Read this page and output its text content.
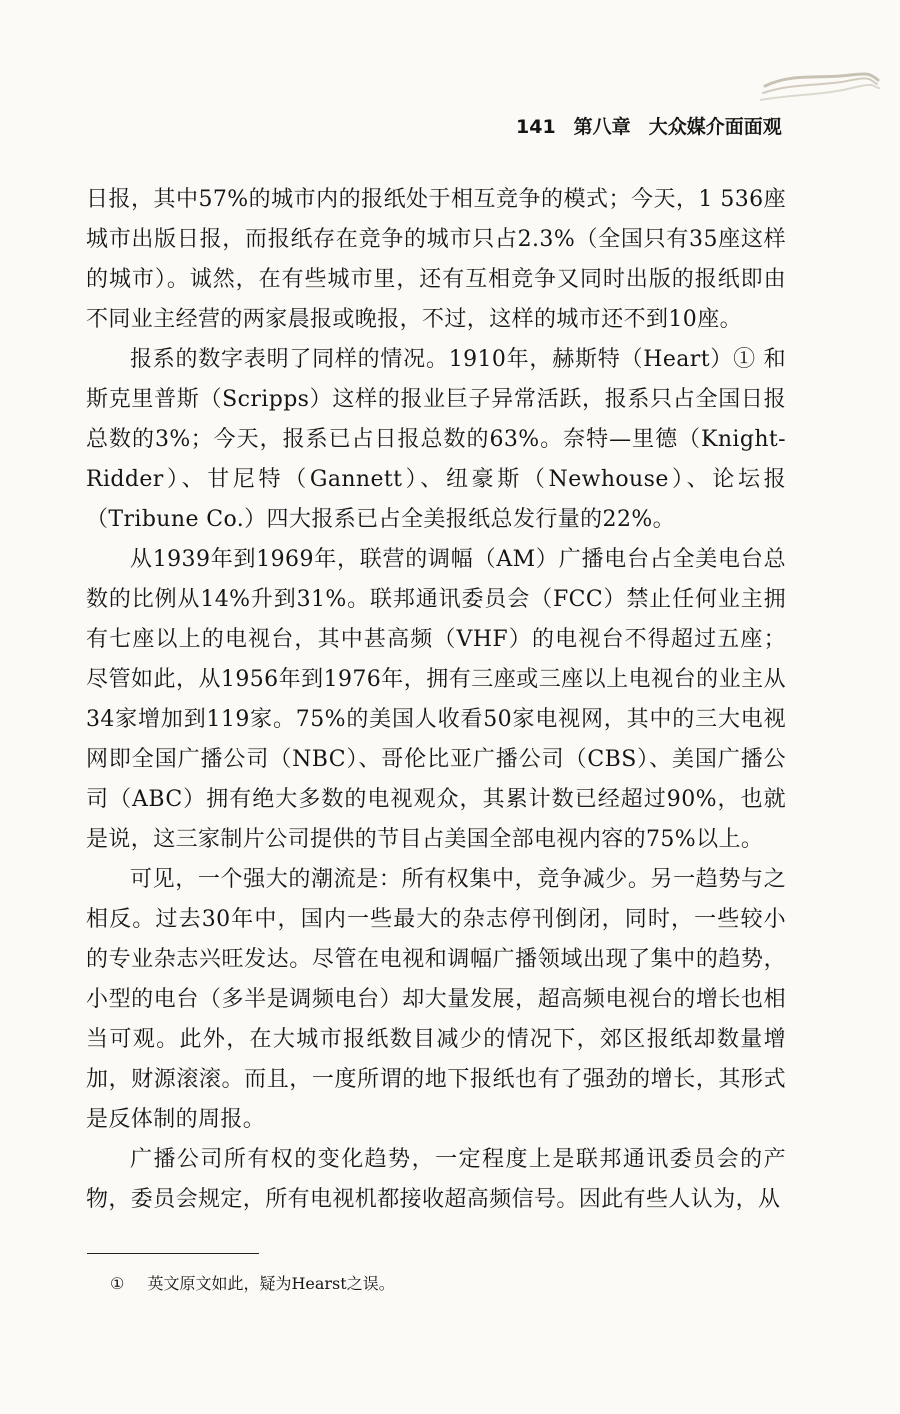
141 第八章 大众媒介面面观

日报，其中57%的城市内的报纸处于相互竞争的模式；今天，1 536座城市出版日报，而报纸存在竞争的城市只占2.3%（全国只有35座这样的城市）。诚然，在有些城市里，还有互相竞争又同时出版的报纸即由不同业主经营的两家晨报或晚报，不过，这样的城市还不到10座。

报系的数字表明了同样的情况。1910年，赫斯特（Heart）① 和斯克里普斯（Scripps）这样的报业巨子异常活跃，报系只占全国日报总数的3%；今天，报系已占日报总数的63%。奈特—里德（Knight-Ridder）、甘尼特（Gannett）、纽豪斯（Newhouse）、论坛报（Tribune Co.）四大报系已占全美报纸总发行量的22%。

从1939年到1969年，联营的调幅（AM）广播电台占全美电台总数的比例从14%升到31%。联邦通讯委员会（FCC）禁止任何业主拥有七座以上的电视台，其中甚高频（VHF）的电视台不得超过五座；尽管如此，从1956年到1976年，拥有三座或三座以上电视台的业主从34家增加到119家。75%的美国人收看50家电视网，其中的三大电视网即全国广播公司（NBC）、哥伦比亚广播公司（CBS）、美国广播公司（ABC）拥有绝大多数的电视观众，其累计数已经超过90%，也就是说，这三家制片公司提供的节目占美国全部电视内容的75%以上。

可见，一个强大的潮流是：所有权集中，竞争减少。另一趋势与之相反。过去30年中，国内一些最大的杂志停刊倒闭，同时，一些较小的专业杂志兴旺发达。尽管在电视和调幅广播领域出现了集中的趋势，小型的电台（多半是调频电台）却大量发展，超高频电视台的增长也相当可观。此外，在大城市报纸数目减少的情况下，郊区报纸却数量增加，财源滚滚。而且，一度所谓的地下报纸也有了强劲的增长，其形式是反体制的周报。

广播公司所有权的变化趋势，一定程度上是联邦通讯委员会的产物，委员会规定，所有电视机都接收超高频信号。因此有些人认为，从

① 英文原文如此，疑为Hearst之误。
